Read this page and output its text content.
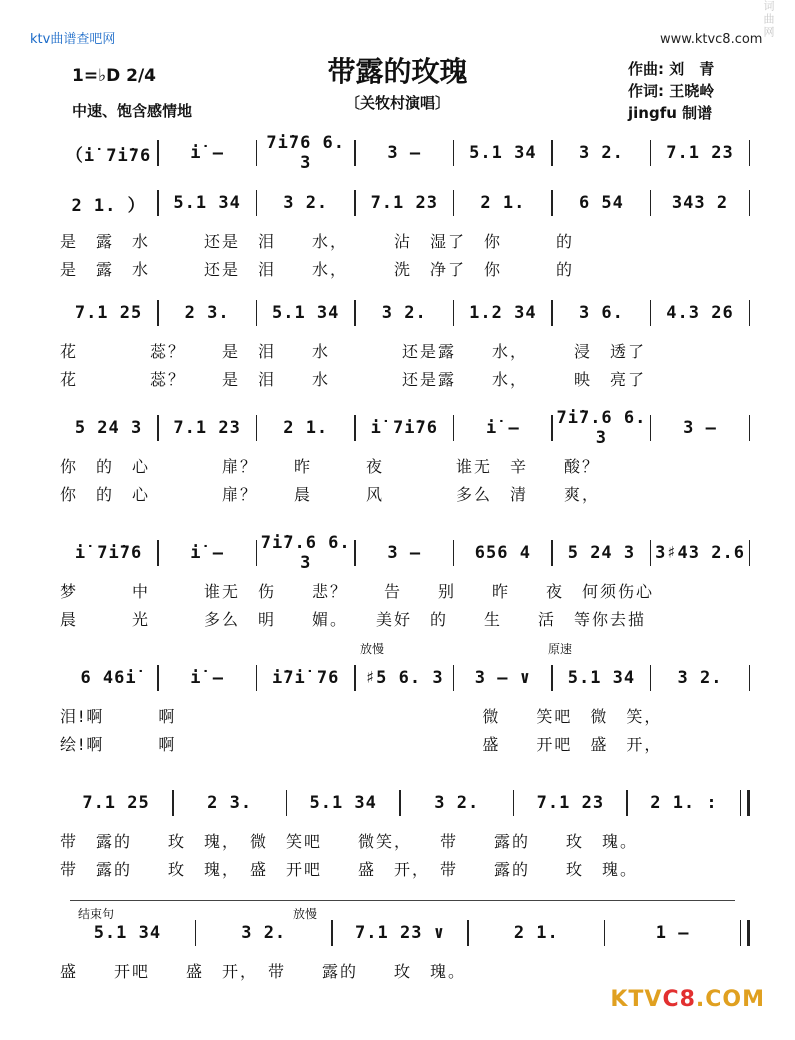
词曲网
ktv曲谱查吧网	www.ktvc8.com
带露的玫瑰
〔关牧村演唱〕
1=♭D 2/4
中速、饱含感情地
作曲: 刘　青
作词: 王晓岭
jingfu 制谱
（i̇ 7i̇76	i̇ –	7i̇76 6. 3	3 –	5.1 34	3 2.	7.1 23
2 1. ）	5.1 34	3 2.	7.1 23	2 1.	6 54	343 2
是　露　水　　　还是　泪　　水，　　　沾　湿了　你　　　的
是　露　水　　　还是　泪　　水，　　　洗　净了　你　　　的
7.1 25	2 3.	5.1 34	3 2.	1.2 34	3 6.	4.3 26
花　　　　蕊？　　是　泪　　水　　　　还是露　　水，　　　浸　透了
花　　　　蕊？　　是　泪　　水　　　　还是露　　水，　　　映　亮了
5 24 3	7.1 23	2 1.	i̇ 7i̇76	i̇ –	7i̇7.6 6. 3	3 –
你　的　心　　　　扉？　　昨　　　夜　　　　谁无　辛　　酸？
你　的　心　　　　扉？　　晨　　　风　　　　多么　清　　爽，
i̇ 7i̇76	i̇ –	7i̇7.6 6. 3	3 –	656 4	5 24 3	3♯43 2.6
梦　　　中　　　谁无　伤　　悲？　　告　　别　　昨　　夜　何须伤心
晨　　　光　　　多么　明　　媚。　　美好　的　　生　　活　等你去描
6 46i̇	i̇ –	i̇7i̇ 76	♯5 6. 3	3 – ∨	5.1 34	3 2.
泪!啊　　　啊　　　　　　　　　　　　　　　　　微　　笑吧　微　笑，
绘!啊　　　啊　　　　　　　　　　　　　　　　　盛　　开吧　盛　开，
7.1 25	2 3.	5.1 34	3 2.	7.1 23	2 1. :
带　露的　　玫　瑰，　微　笑吧　　微笑，　　带　　露的　　玫　瑰。
带　露的　　玫　瑰，　盛　开吧　　盛　开，　带　　露的　　玫　瑰。
5.1 34	3 2.	7.1 23 ∨	2 1.	1 –
盛　　开吧　　盛　开，　带　　露的　　玫　瑰。
放慢	原速
结束句	放慢
KTVC8.COM
